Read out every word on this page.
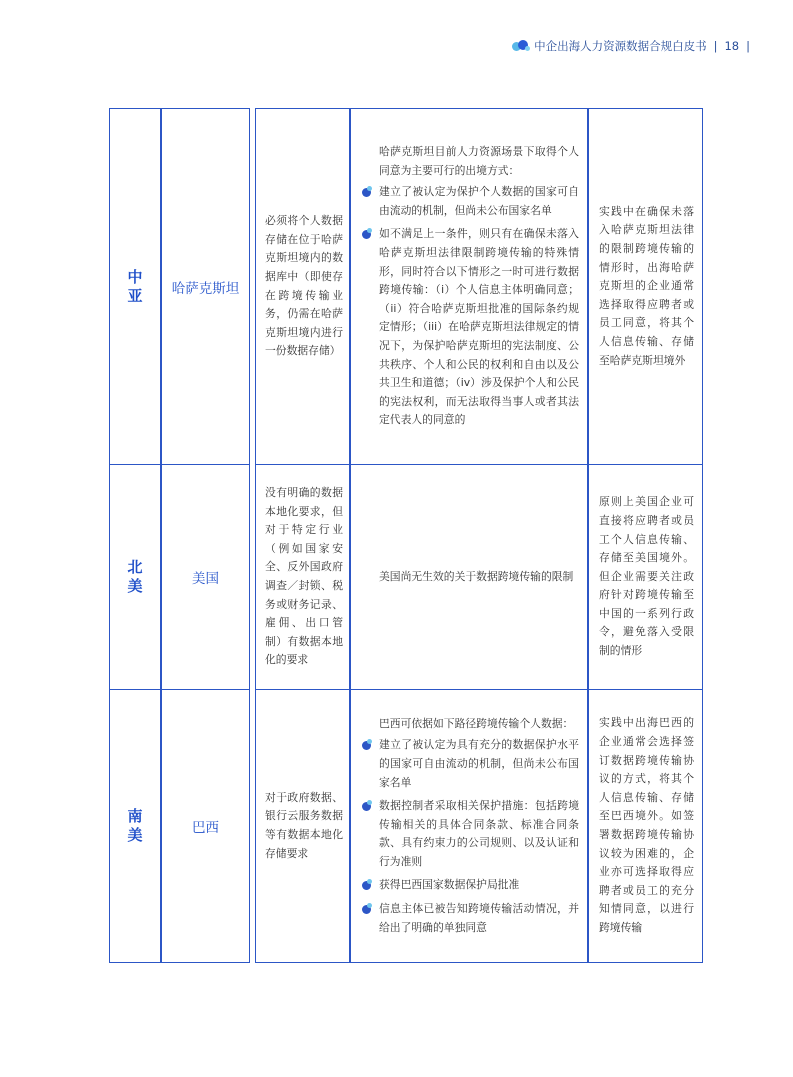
中企出海人力资源数据合规白皮书 | 18 |
中
亚 哈萨克斯坦
必须将个人数据存储在位于哈萨克斯坦境内的数据库中（即使存在跨境传输业务，仍需在哈萨克斯坦境内进行一份数据存储）

哈萨克斯坦目前人力资源场景下取得个人同意为主要可行的出境方式：

建立了被认定为保护个人数据的国家可自由流动的机制，但尚未公布国家名单
如不满足上一条件，则只有在确保未落入哈萨克斯坦法律限制跨境传输的特殊情形，同时符合以下情形之一时可进行数据跨境传输：（i）个人信息主体明确同意；（ii）符合哈萨克斯坦批准的国际条约规定情形；（iii）在哈萨克斯坦法律规定的情况下，为保护哈萨克斯坦的宪法制度、公共秩序、个人和公民的权利和自由以及公共卫生和道德；（iv）涉及保护个人和公民的宪法权利，而无法取得当事人或者其法定代表人的同意的
实践中在确保未落入哈萨克斯坦法律的限制跨境传输的情形时，出海哈萨克斯坦的企业通常选择取得应聘者或员工同意，将其个人信息传输、存储至哈萨克斯坦境外
北
美	美国
没有明确的数据本地化要求，但对于特定行业（例如国家安全、反外国政府调查／封锁、税务或财务记录、雇佣、出口管制）有数据本地化的要求
美国尚无生效的关于数据跨境传输的限制
原则上美国企业可直接将应聘者或员工个人信息传输、存储至美国境外。但企业需要关注政府针对跨境传输至中国的一系列行政令，避免落入受限制的情形
南
美	巴西
对于政府数据、银行云服务数据等有数据本地化存储要求

巴西可依据如下路径跨境传输个人数据：

建立了被认定为具有充分的数据保护水平的国家可自由流动的机制，但尚未公布国家名单
数据控制者采取相关保护措施：包括跨境传输相关的具体合同条款、标准合同条款、具有约束力的公司规则、以及认证和行为准则
获得巴西国家数据保护局批准
信息主体已被告知跨境传输活动情况，并给出了明确的单独同意
实践中出海巴西的企业通常会选择签订数据跨境传输协议的方式，将其个人信息传输、存储至巴西境外。如签署数据跨境传输协议较为困难的，企业亦可选择取得应聘者或员工的充分知情同意，以进行跨境传输
